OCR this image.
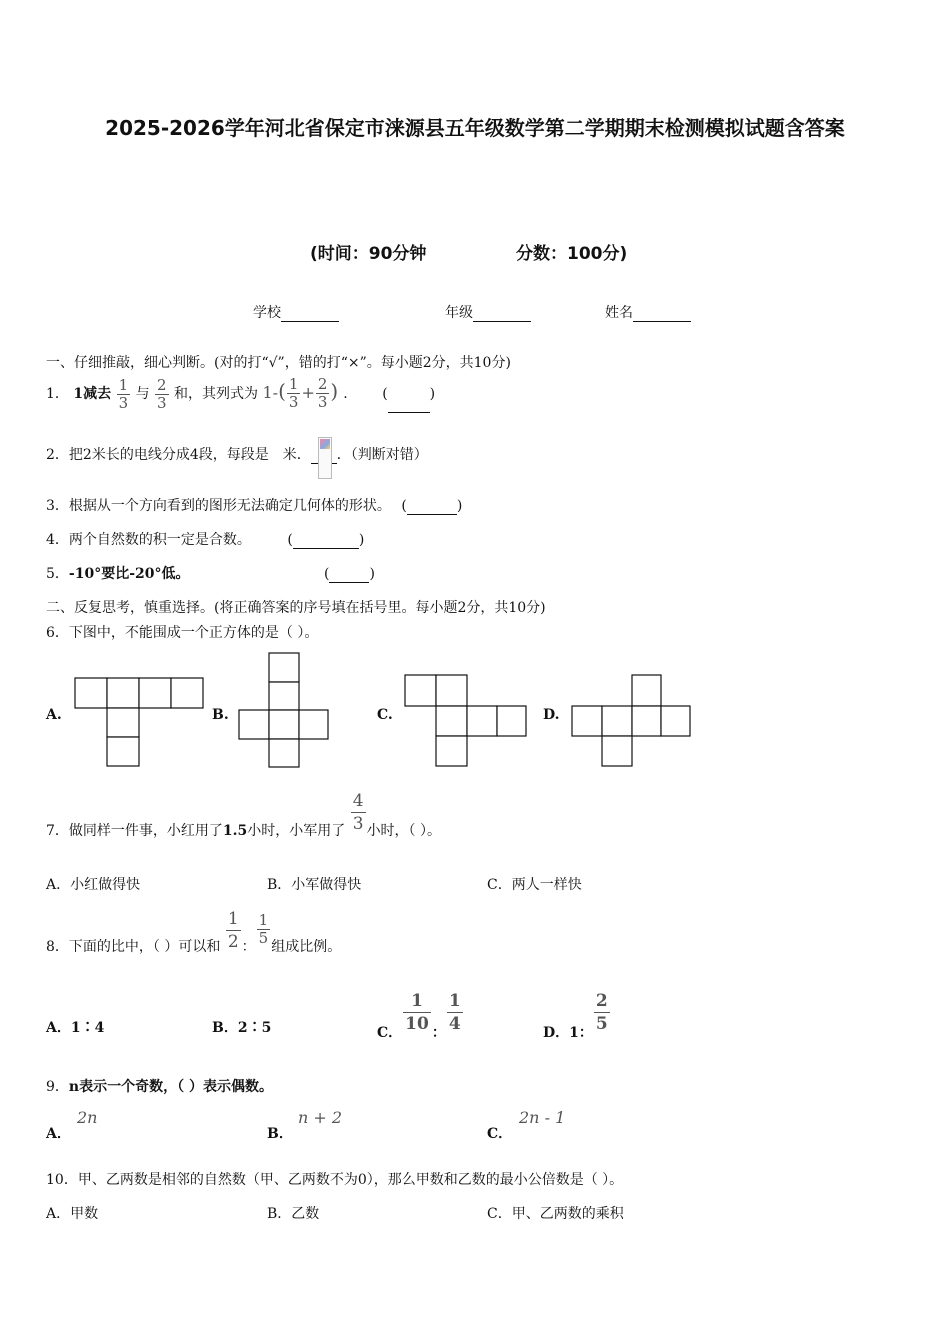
2025-2026学年河北省保定市涞源县五年级数学第二学期期末检测模拟试题含答案
(时间：90分钟	分数：100分)
学校	年级	姓名
一、仔细推敲，细心判断。(对的打“√”，错的打“×”。每小题2分，共10分)
1． 1减去 $\frac{1}{3}$ 与 $\frac{2}{3}$ 和，其列式为 $1-( \frac{1}{3} + \frac{2}{3}$ ) . (	)
2．把2米长的电线分成4段，每段是 米． ．（判断对错）
3．根据从一个方向看到的图形无法确定几何体的形状。 (	)
4．两个自然数的积一定是合数。	(	)
5．-10°要比-20°低。	(	)
二、反复思考，慎重选择。(将正确答案的序号填在括号里。每小题2分，共10分)
6．下图中，不能围成一个正方体的是（ ）。
A.	B.	C.	D.
7．做同样一件事，小红用了1.5小时，小军用了 $\frac{4}{3}$ 小时，（ ）。
A．小红做得快	B．小军做得快	C．两人一样快
8．下面的比中，（ ）可以和 $\frac{1}{2}$ ： $\frac{1}{5}$ 组成比例。
A．1∶4	B．2∶5	C． $\frac{1}{10}$ ： $\frac{1}{4}$	D．1： $\frac{2}{5}$
9．n表示一个奇数，（ ）表示偶数。
A．
2n
B．
n + 2
C．
2n - 1
10．甲、乙两数是相邻的自然数（甲、乙两数不为0），那么甲数和乙数的最小公倍数是（ ）。
A．甲数	B．乙数	C．甲、乙两数的乘积
